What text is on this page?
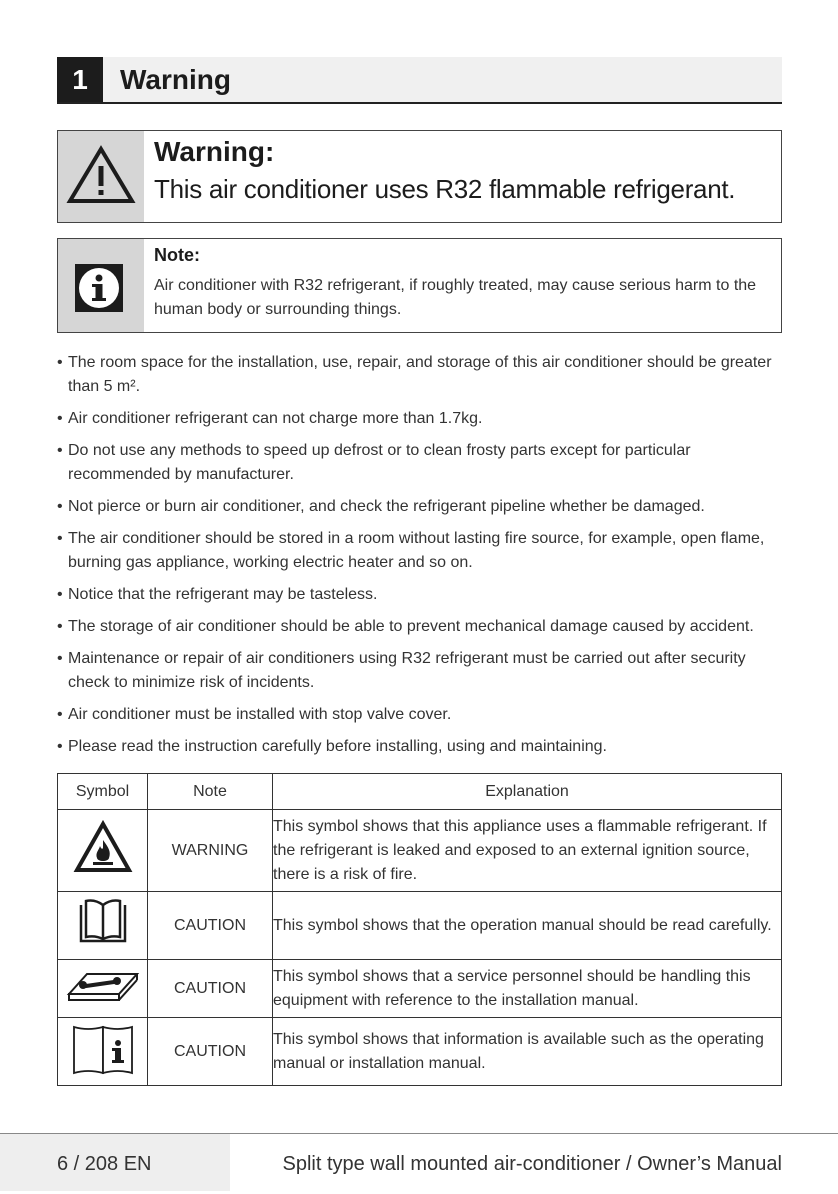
1	Warning
Warning:
This air conditioner uses R32 flammable refrigerant.
Note:
Air conditioner with R32 refrigerant, if roughly treated, may cause serious harm to the human body or surrounding things.
• The room space for the installation, use, repair, and storage of this air conditioner should be greater than 5 m².
• Air conditioner refrigerant can not charge more than 1.7kg.
• Do not use any methods to speed up defrost or to clean frosty parts except for particular recommended by manufacturer.
• Not pierce or burn air conditioner, and check the refrigerant pipeline whether be damaged.
• The air conditioner should be stored in a room without lasting fire source, for example, open flame, burning gas appliance, working electric heater and so on.
• Notice that the refrigerant may be tasteless.
• The storage of air conditioner should be able to prevent mechanical damage caused by accident.
• Maintenance or repair of air conditioners using R32 refrigerant must be carried out after security check to minimize risk of incidents.
• Air conditioner must be installed with stop valve cover.
• Please read the instruction carefully before installing, using and maintaining.
Symbol	Note	Explanation
	WARNING	This symbol shows that this appliance uses a flammable refrigerant. If the refrigerant is leaked and exposed to an external ignition source, there is a risk of fire.
	CAUTION	This symbol shows that the operation manual should be read carefully.
	CAUTION	This symbol shows that a service personnel should be handling this equipment with reference to the installation manual.
	CAUTION	This symbol shows that information is available such as the operating manual or installation manual.
6 / 208 EN	Split type wall mounted air-conditioner / Owner’s Manual
